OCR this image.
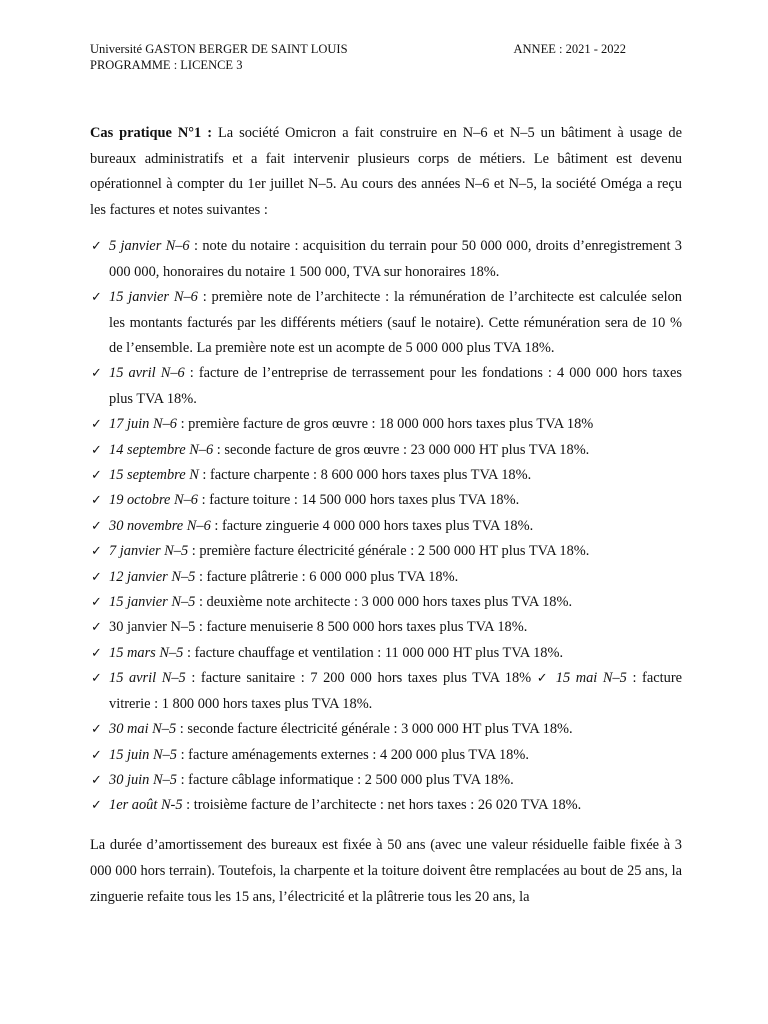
Université GASTON BERGER DE SAINT LOUIS	ANNEE : 2021 - 2022
PROGRAMME : LICENCE 3

Cas pratique N°1 : La société Omicron a fait construire en N–6 et N–5 un bâtiment à usage de bureaux administratifs et a fait intervenir plusieurs corps de métiers. Le bâtiment est devenu opérationnel à compter du 1er juillet N–5. Au cours des années N–6 et N–5, la société Oméga a reçu les factures et notes suivantes :

✓ 5 janvier N–6 : note du notaire : acquisition du terrain pour 50 000 000, droits d’enregistrement 3 000 000, honoraires du notaire 1 500 000, TVA sur honoraires 18%.
✓ 15 janvier N–6 : première note de l’architecte : la rémunération de l’architecte est calculée selon les montants facturés par les différents métiers (sauf le notaire). Cette rémunération sera de 10 % de l’ensemble. La première note est un acompte de 5 000 000 plus TVA 18%.
✓ 15 avril N–6 : facture de l’entreprise de terrassement pour les fondations : 4 000 000 hors taxes plus TVA 18%.
✓ 17 juin N–6 : première facture de gros œuvre : 18 000 000 hors taxes plus TVA 18%
✓ 14 septembre N–6 : seconde facture de gros œuvre : 23 000 000 HT plus TVA 18%.
✓ 15 septembre N : facture charpente : 8 600 000 hors taxes plus TVA 18%.
✓ 19 octobre N–6 : facture toiture : 14 500 000 hors taxes plus TVA 18%.
✓ 30 novembre N–6 : facture zinguerie 4 000 000 hors taxes plus TVA 18%.
✓ 7 janvier N–5 : première facture électricité générale : 2 500 000 HT plus TVA 18%.
✓ 12 janvier N–5 : facture plâtrerie : 6 000 000 plus TVA 18%.
✓ 15 janvier N–5 : deuxième note architecte : 3 000 000 hors taxes plus TVA 18%.
✓ 30 janvier N–5 : facture menuiserie 8 500 000 hors taxes plus TVA 18%.
✓ 15 mars N–5 : facture chauffage et ventilation : 11 000 000 HT plus TVA 18%.
✓ 15 avril N–5 : facture sanitaire : 7 200 000 hors taxes plus TVA 18% ✓ 15 mai N–5 : facture vitrerie : 1 800 000 hors taxes plus TVA 18%.
✓ 30 mai N–5 : seconde facture électricité générale : 3 000 000 HT plus TVA 18%.
✓ 15 juin N–5 : facture aménagements externes : 4 200 000 plus TVA 18%.
✓ 30 juin N–5 : facture câblage informatique : 2 500 000 plus TVA 18%.
✓ 1er août N-5 : troisième facture de l’architecte : net hors taxes : 26 020 TVA 18%.

La durée d’amortissement des bureaux est fixée à 50 ans (avec une valeur résiduelle faible fixée à 3 000 000 hors terrain). Toutefois, la charpente et la toiture doivent être remplacées au bout de 25 ans, la zinguerie refaite tous les 15 ans, l’électricité et la plâtrerie tous les 20 ans, la
